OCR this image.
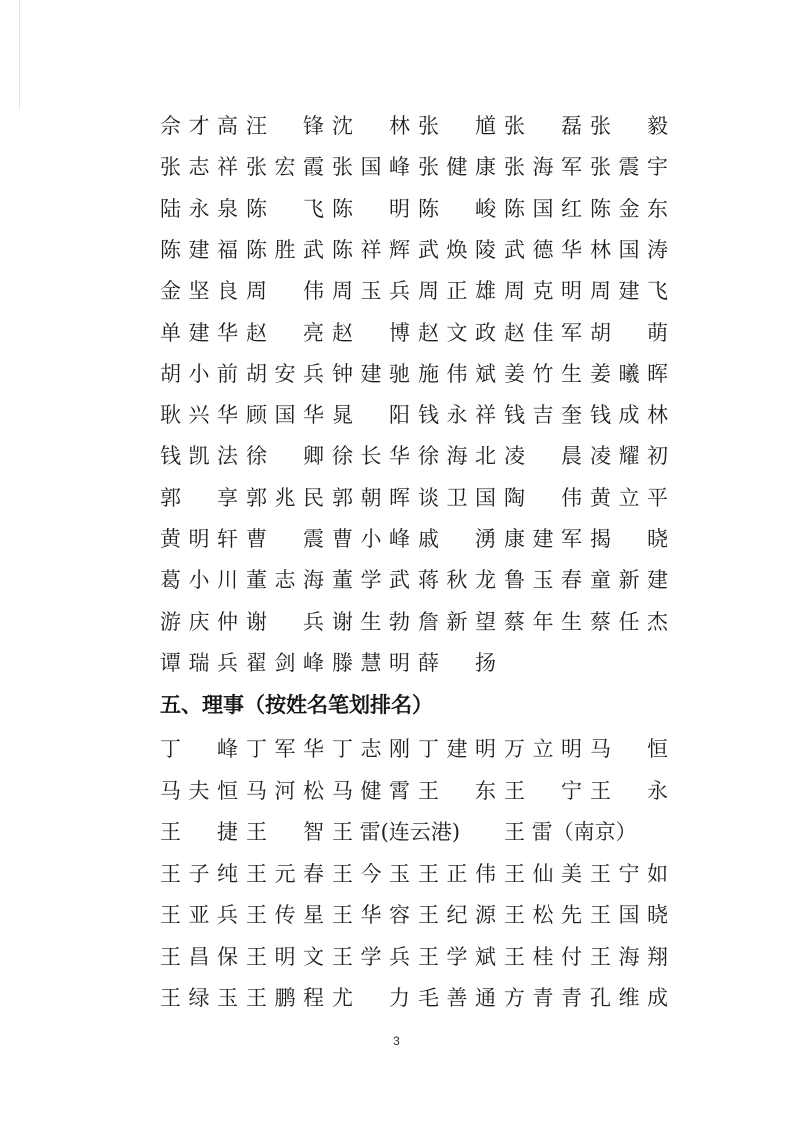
佘才高 汪 锋 沈 林 张 馗 张 磊 张 毅
张志祥 张宏霞 张国峰 张健康 张海军 张震宇
陆永泉 陈 飞 陈 明 陈 峻 陈国红 陈金东
陈建福 陈胜武 陈祥辉 武焕陵 武德华 林国涛
金坚良 周 伟 周玉兵 周正雄 周克明 周建飞
单建华 赵 亮 赵 博 赵文政 赵佳军 胡 萌
胡小前 胡安兵 钟建驰 施伟斌 姜竹生 姜曦晖
耿兴华 顾国华 晁 阳 钱永祥 钱吉奎 钱成林
钱凯法 徐 卿 徐长华 徐海北 凌 晨 凌耀初
郭 享 郭兆民 郭朝晖 谈卫国 陶 伟 黄立平
黄明轩 曹 震 曹小峰 戚 湧 康建军 揭 晓
葛小川 董志海 董学武 蒋秋龙 鲁玉春 童新建
游庆仲 谢 兵 谢生勃 詹新望 蔡年生 蔡任杰
谭瑞兵 翟剑峰 滕慧明 薛 扬
五、理事（按姓名笔划排名）
丁 峰 丁军华 丁志刚 丁建明 万立明 马 恒
马夫恒 马河松 马健霄 王 东 王 宁 王 永
王 捷 王 智 王 雷(连云港)	王 雷（南京）
王子纯 王元春 王今玉 王正伟 王仙美 王宁如
王亚兵 王传星 王华容 王纪源 王松先 王国晓
王昌保 王明文 王学兵 王学斌 王桂付 王海翔
王绿玉 王鹏程 尤 力 毛善通 方青青 孔维成
3
